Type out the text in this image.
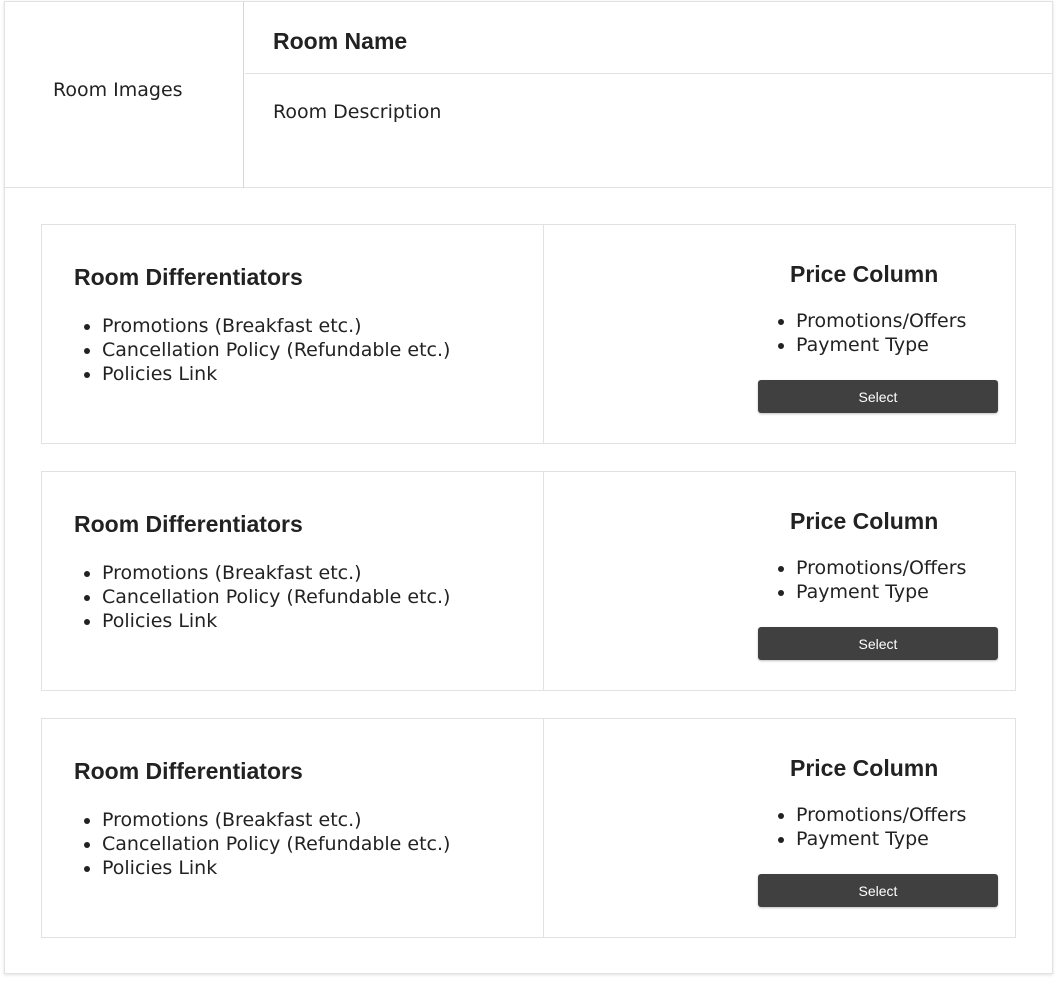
Room Images
Room Name
Room Description
Room Differentiators
• Promotions (Breakfast etc.)
• Cancellation Policy (Refundable etc.)
• Policies Link
Price Column
• Promotions/Offers
• Payment Type
Select
Room Differentiators
• Promotions (Breakfast etc.)
• Cancellation Policy (Refundable etc.)
• Policies Link
Price Column
• Promotions/Offers
• Payment Type
Select
Room Differentiators
• Promotions (Breakfast etc.)
• Cancellation Policy (Refundable etc.)
• Policies Link
Price Column
• Promotions/Offers
• Payment Type
Select
